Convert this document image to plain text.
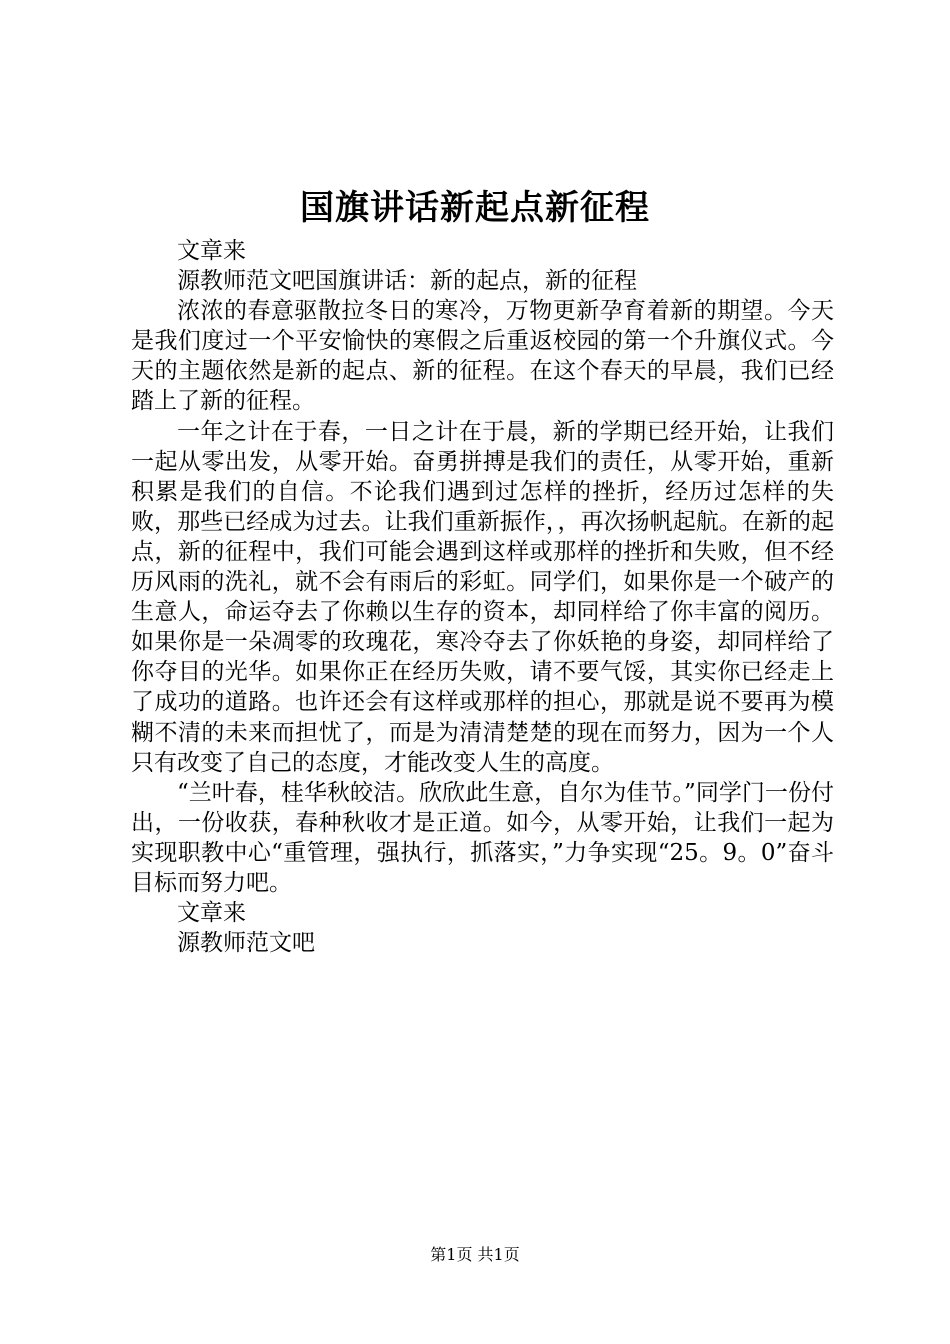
国旗讲话新起点新征程

文章来

源教师范文吧国旗讲话：新的起点，新的征程

浓浓的春意驱散拉冬日的寒冷，万物更新孕育着新的期望。今天是我们度过一个平安愉快的寒假之后重返校园的第一个升旗仪式。今天的主题依然是新的起点、新的征程。在这个春天的早晨，我们已经踏上了新的征程。

一年之计在于春，一日之计在于晨，新的学期已经开始，让我们一起从零出发，从零开始。奋勇拼搏是我们的责任，从零开始，重新积累是我们的自信。不论我们遇到过怎样的挫折，经历过怎样的失败，那些已经成为过去。让我们重新振作，，再次扬帆起航。在新的起点，新的征程中，我们可能会遇到这样或那样的挫折和失败，但不经历风雨的洗礼，就不会有雨后的彩虹。同学们，如果你是一个破产的生意人，命运夺去了你赖以生存的资本，却同样给了你丰富的阅历。如果你是一朵凋零的玫瑰花，寒冷夺去了你妖艳的身姿，却同样给了你夺目的光华。如果你正在经历失败，请不要气馁，其实你已经走上了成功的道路。也许还会有这样或那样的担心，那就是说不要再为模糊不清的未来而担忧了，而是为清清楚楚的现在而努力，因为一个人只有改变了自己的态度，才能改变人生的高度。

“兰叶春，桂华秋皎洁。欣欣此生意，自尔为佳节。”同学门一份付出，一份收获，春种秋收才是正道。如今，从零开始，让我们一起为实现职教中心“重管理，强执行，抓落实，”力争实现“25。9。0”奋斗目标而努力吧。

文章来

源教师范文吧

第1页 共1页
